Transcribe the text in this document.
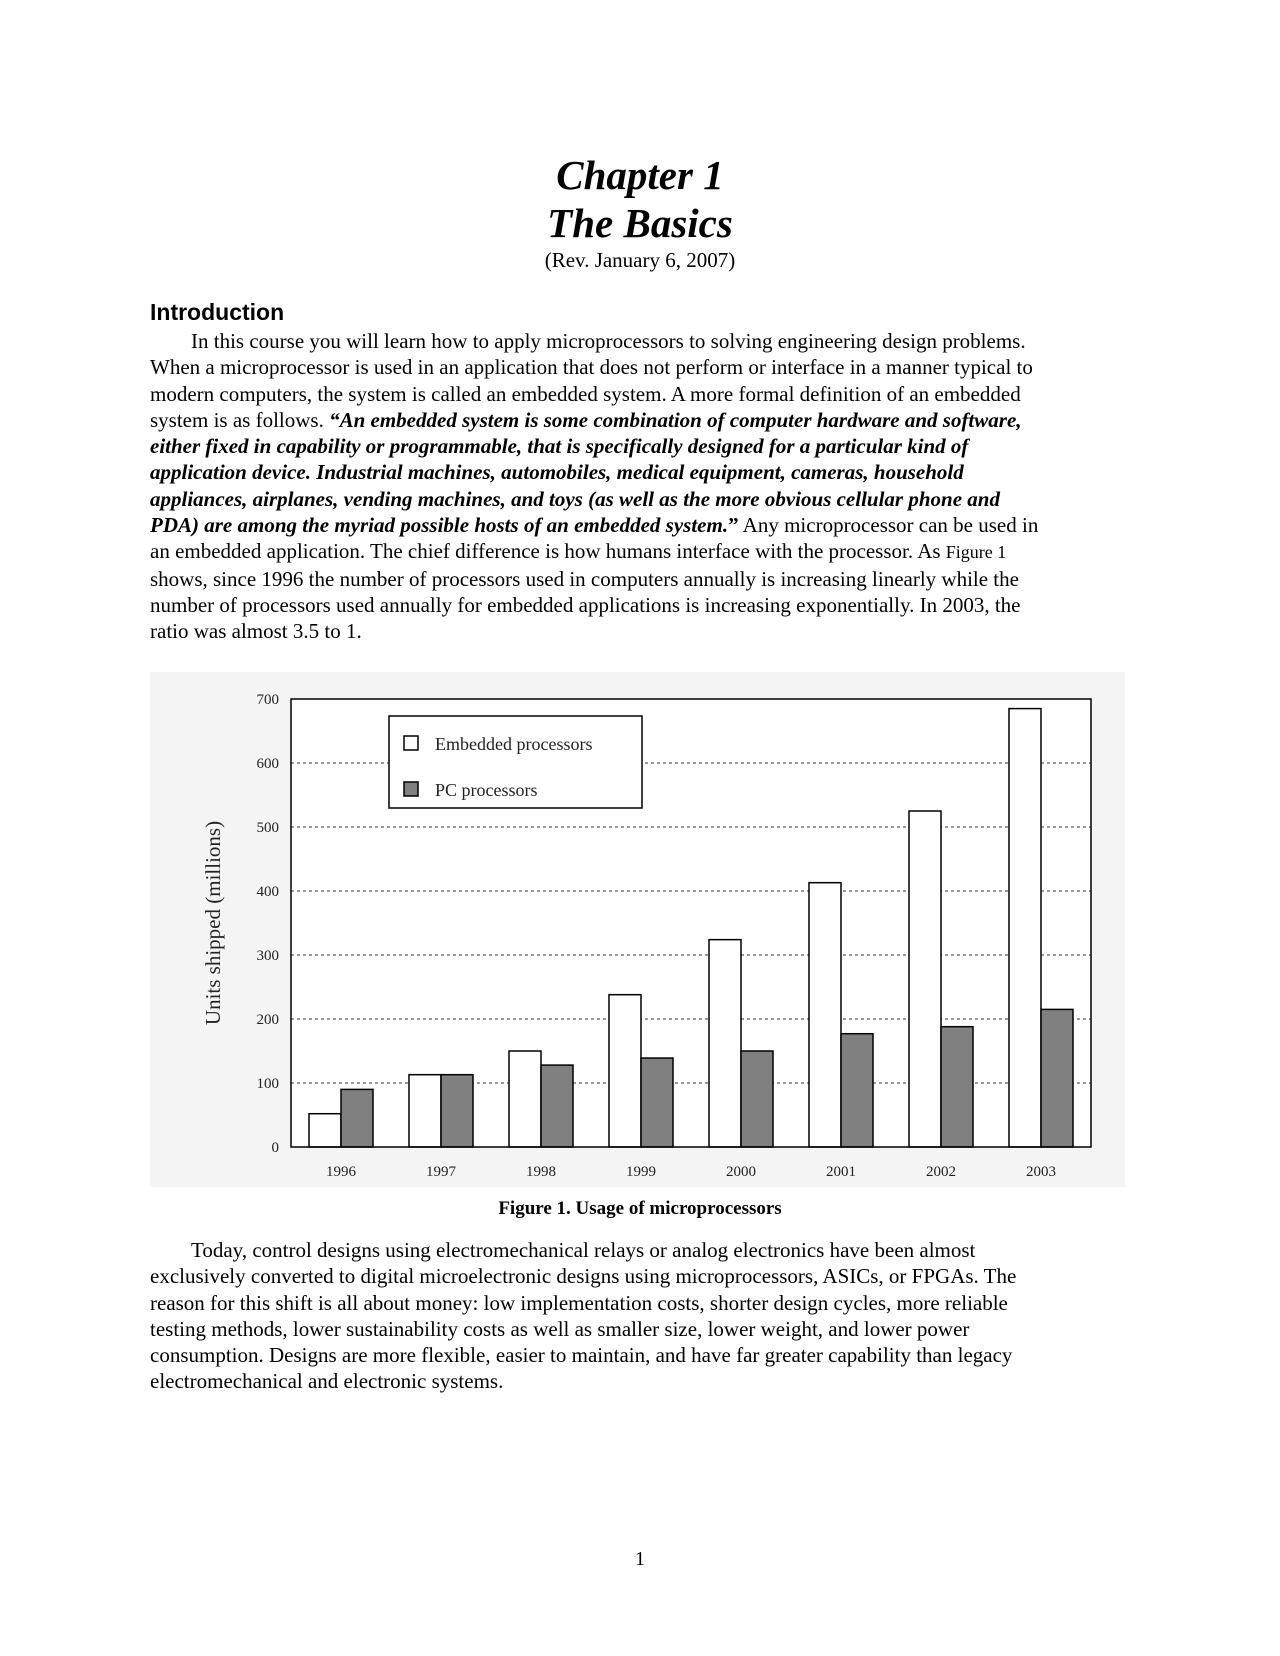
Chapter 1
The Basics
(Rev. January 6, 2007)
Introduction
In this course you will learn how to apply microprocessors to solving engineering design problems.
When a microprocessor is used in an application that does not perform or interface in a manner typical to
modern computers, the system is called an embedded system. A more formal definition of an embedded
system is as follows. “An embedded system is some combination of computer hardware and software,
either fixed in capability or programmable, that is specifically designed for a particular kind of
application device. Industrial machines, automobiles, medical equipment, cameras, household
appliances, airplanes, vending machines, and toys (as well as the more obvious cellular phone and
PDA) are among the myriad possible hosts of an embedded system.” Any microprocessor can be used in
an embedded application. The chief difference is how humans interface with the processor. As Figure 1
shows, since 1996 the number of processors used in computers annually is increasing linearly while the
number of processors used annually for embedded applications is increasing exponentially. In 2003, the
ratio was almost 3.5 to 1.
0
100
200
300
400
500
600
700
1996	1997	1998	1999	2000	2001	2002	2003
Units shipped (millions)
Embedded processors
PC processors
Figure 1. Usage of microprocessors
Today, control designs using electromechanical relays or analog electronics have been almost
exclusively converted to digital microelectronic designs using microprocessors, ASICs, or FPGAs. The
reason for this shift is all about money: low implementation costs, shorter design cycles, more reliable
testing methods, lower sustainability costs as well as smaller size, lower weight, and lower power
consumption. Designs are more flexible, easier to maintain, and have far greater capability than legacy
electromechanical and electronic systems.
1
